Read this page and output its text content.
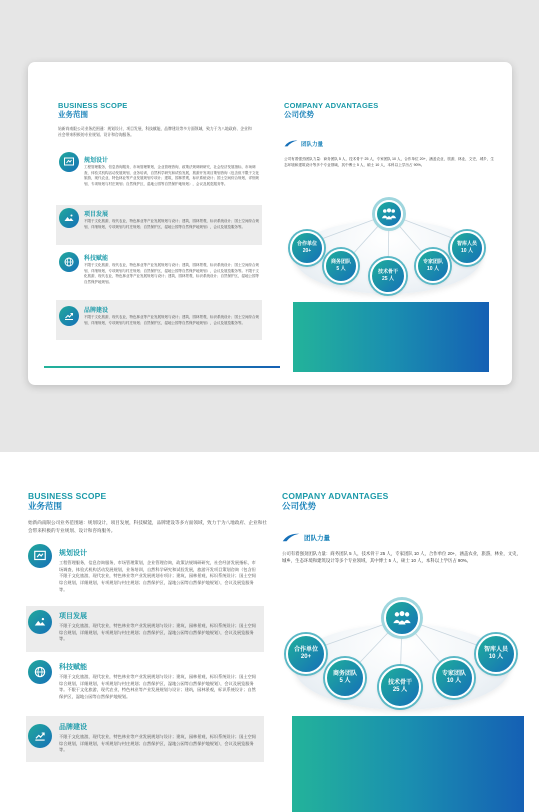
BUSINESS SCOPE
业务范围
始新尚南限公司业务范围通：规划设计，项目发展，科技赋能，品牌建设等多方面领域，致力于为八地政府、企业和社会带来积极的专业规划、设计和咨询服务。
规划设计
工程管理服务，信息咨询服务，市场管理策划，企业管理咨询，政策法规调研研究，社会经济发展指标，市场调查，体验式机构活动发展规划，业务培训，自然科学研究和试验发展，旅游开发项目策划咨询（包含但不限于文化旅游，现代农业，特色林业等产业发展规划专项计；建筑，园林景观，标识系统设计；国土空间综合规划，详细规划，专项规划与村庄规划；自然保护区，湿地公园等自然保护地规划），会议及展览服务等。
项目发展
不限于文化旅游，现代农业，特色林业等产业发展规划与设计；建筑，园林景观，标识系统设计；国土空间综合规划，详细规划，专项规划与村庄规划；自然保护区，湿地公园等自然保护地规划），会议及展览服务等。
科技赋能
不限于文化旅游，现代农业，特色林业等产业发展规划与设计；建筑，园林景观，标识系统设计；国土空间综合规划，详细规划，专项规划与村庄规划；自然保护区，湿地公园等自然保护地规划），会议及展览服务等。不限于文化旅游，现代农业，特色林业等产业发展规划与设计；建筑，园林景观，标识系统设计；自然保护区，湿地公园等自然保护地规划。
品牌建设
不限于文化旅游，现代农业，特色林业等产业发展规划与设计；建筑，园林景观，标识系统设计；国土空间综合规划，详细规划，专项规划与村庄规划；自然保护区，湿地公园等自然保护地规划），会议及展览服务等。
COMPANY ADVANTAGES
公司优势
团队力量
公司有着强劲团队力量：商务团队 5 人，技术骨干 25 人，专家团队 10 人，合作单位 20+，涵盖农业，旅游，林业，文史，城乡，生态环境和建筑设计等多个专业领域，其中博士 5 人，硕士 10 人，本科以上学历占 90%。
合作单位
20+
商务团队
5 人
技术骨干
25 人
专家团队
10 人
智库人员
10 人
BUSINESS SCOPE
业务范围
始新尚南限公司业务范围通：规划设计，项目发展，科技赋能，品牌建设等多方面领域，致力于为八地政府、企业和社会带来积极的专业规划、设计和咨询服务。
规划设计
工程管理服务，信息咨询服务，市场管理策划，企业管理咨询，政策法规调研研究，社会经济发展指标，市场调查，体验式机构活动发展规划，业务培训，自然科学研究和试验发展，旅游开发项目策划咨询（包含但不限于文化旅游，现代农业，特色林业等产业发展规划专项计；建筑，园林景观，标识系统设计；国土空间综合规划，详细规划，专项规划与村庄规划；自然保护区，湿地公园等自然保护地规划），会议及展览服务等。
项目发展
不限于文化旅游，现代农业，特色林业等产业发展规划与设计；建筑，园林景观，标识系统设计；国土空间综合规划，详细规划，专项规划与村庄规划；自然保护区，湿地公园等自然保护地规划），会议及展览服务等。
科技赋能
不限于文化旅游，现代农业，特色林业等产业发展规划与设计；建筑，园林景观，标识系统设计；国土空间综合规划，详细规划，专项规划与村庄规划；自然保护区，湿地公园等自然保护地规划），会议及展览服务等。不限于文化旅游，现代农业，特色林业等产业发展规划与设计；建筑，园林景观，标识系统设计；自然保护区，湿地公园等自然保护地规划。
品牌建设
不限于文化旅游，现代农业，特色林业等产业发展规划与设计；建筑，园林景观，标识系统设计；国土空间综合规划，详细规划，专项规划与村庄规划；自然保护区，湿地公园等自然保护地规划），会议及展览服务等。
COMPANY ADVANTAGES
公司优势
团队力量
公司有着强劲团队力量：商务团队 5 人，技术骨干 25 人，专家团队 10 人，合作单位 20+，涵盖农业，旅游，林业，文史，城乡，生态环境和建筑设计等多个专业领域，其中博士 5 人，硕士 10 人，本科以上学历占 90%。
合作单位
20+
商务团队
5 人	技术骨干
25 人
专家团队
10 人
智库人员
10 人
